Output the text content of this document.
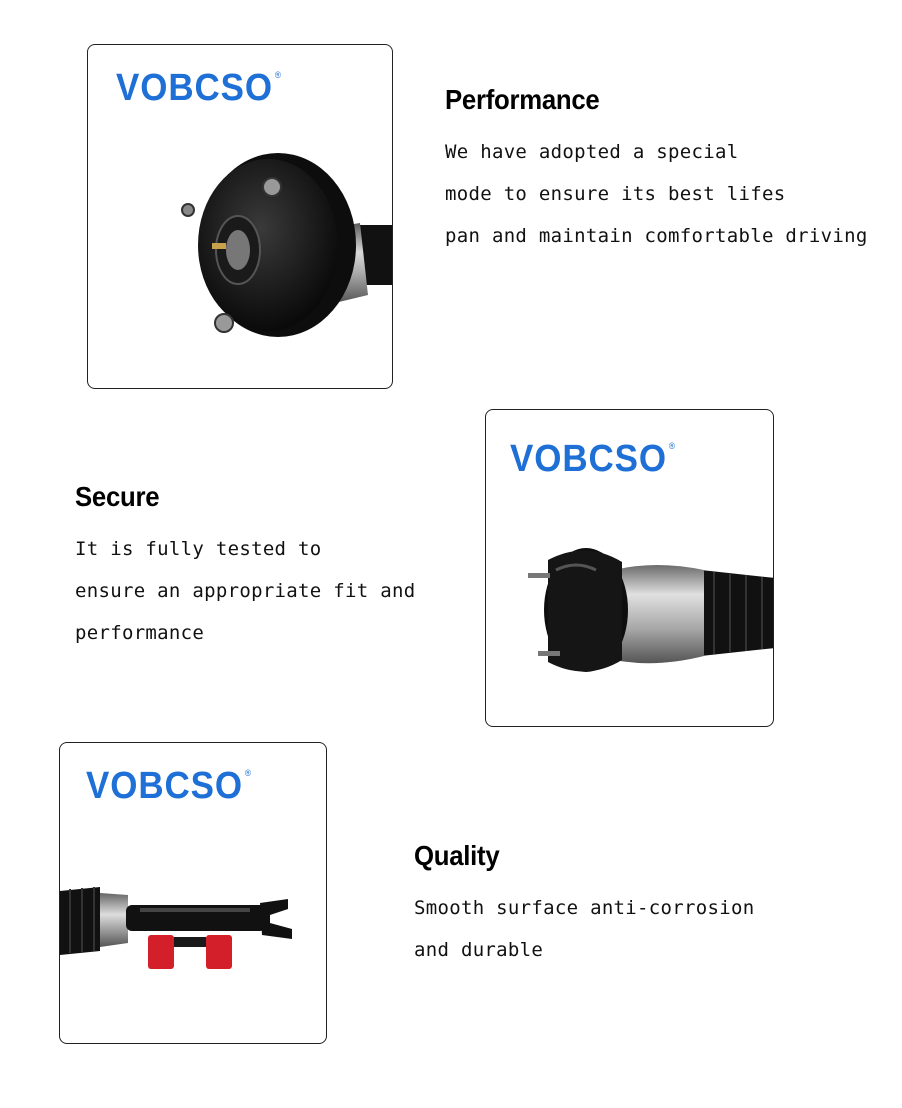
VOBCSO ®
Performance
We have adopted a special
mode to ensure its best lifes
pan and maintain comfortable driving
Secure
It is fully tested to
ensure an appropriate fit and
performance
VOBCSO ®
VOBCSO ®
Quality
Smooth surface anti-corrosion
and durable
